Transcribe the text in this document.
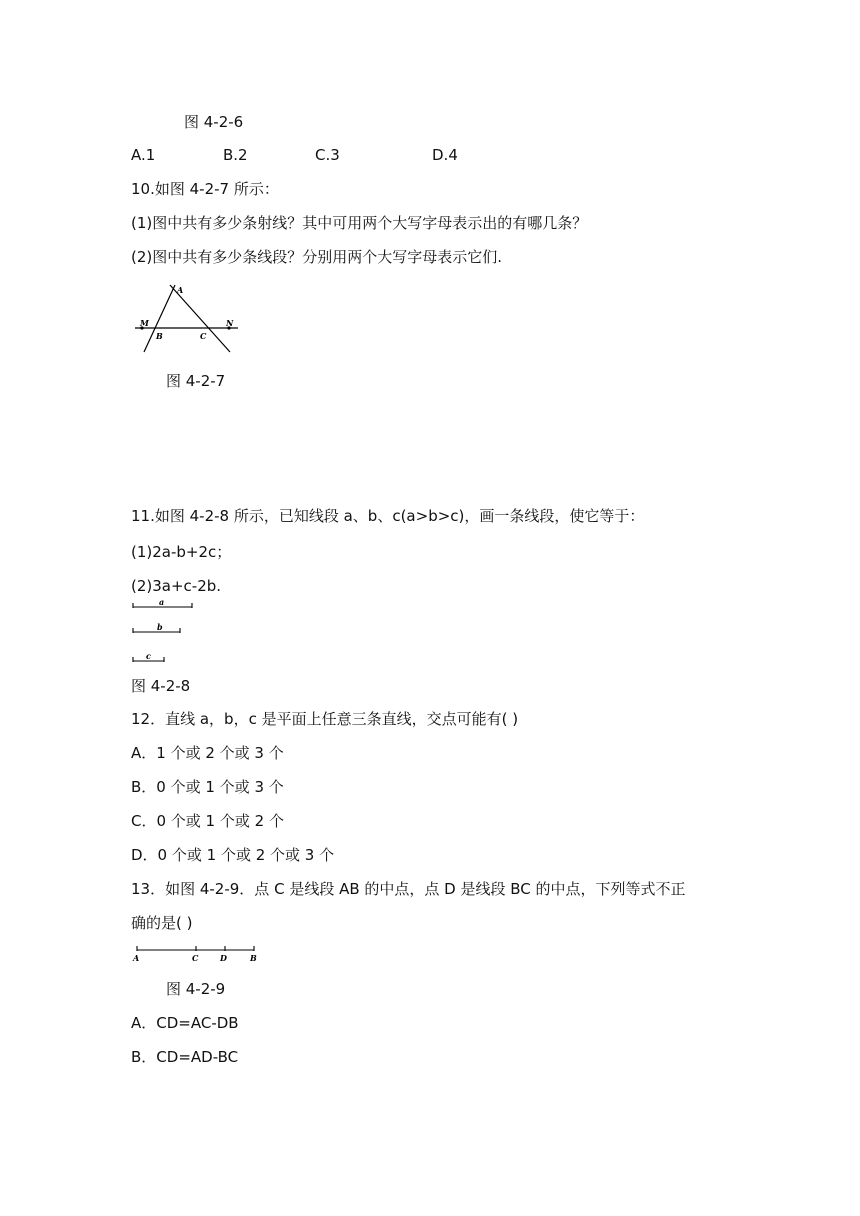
图 4-2-6
A.1	B.2	C.3	D.4
10.如图 4-2-7 所示：
(1)图中共有多少条射线？其中可用两个大写字母表示出的有哪几条？
(2)图中共有多少条线段？分别用两个大写字母表示它们.
A
M
B	C
N
图 4-2-7
11.如图 4-2-8 所示，已知线段 a、b、c(a>b>c)，画一条线段，使它等于：
(1)2a-b+2c；
(2)3a+c-2b.
a
b
c
图 4-2-8
12．直线 a，b，c 是平面上任意三条直线，交点可能有( )
A．1 个或 2 个或 3 个
B．0 个或 1 个或 3 个
C．0 个或 1 个或 2 个
D．0 个或 1 个或 2 个或 3 个
13．如图 4-2-9．点 C 是线段 AB 的中点，点 D 是线段 BC 的中点，下列等式不正
确的是( )
A	C	D	B
图 4-2-9
A．CD=AC-DB
B．CD=AD-BC
